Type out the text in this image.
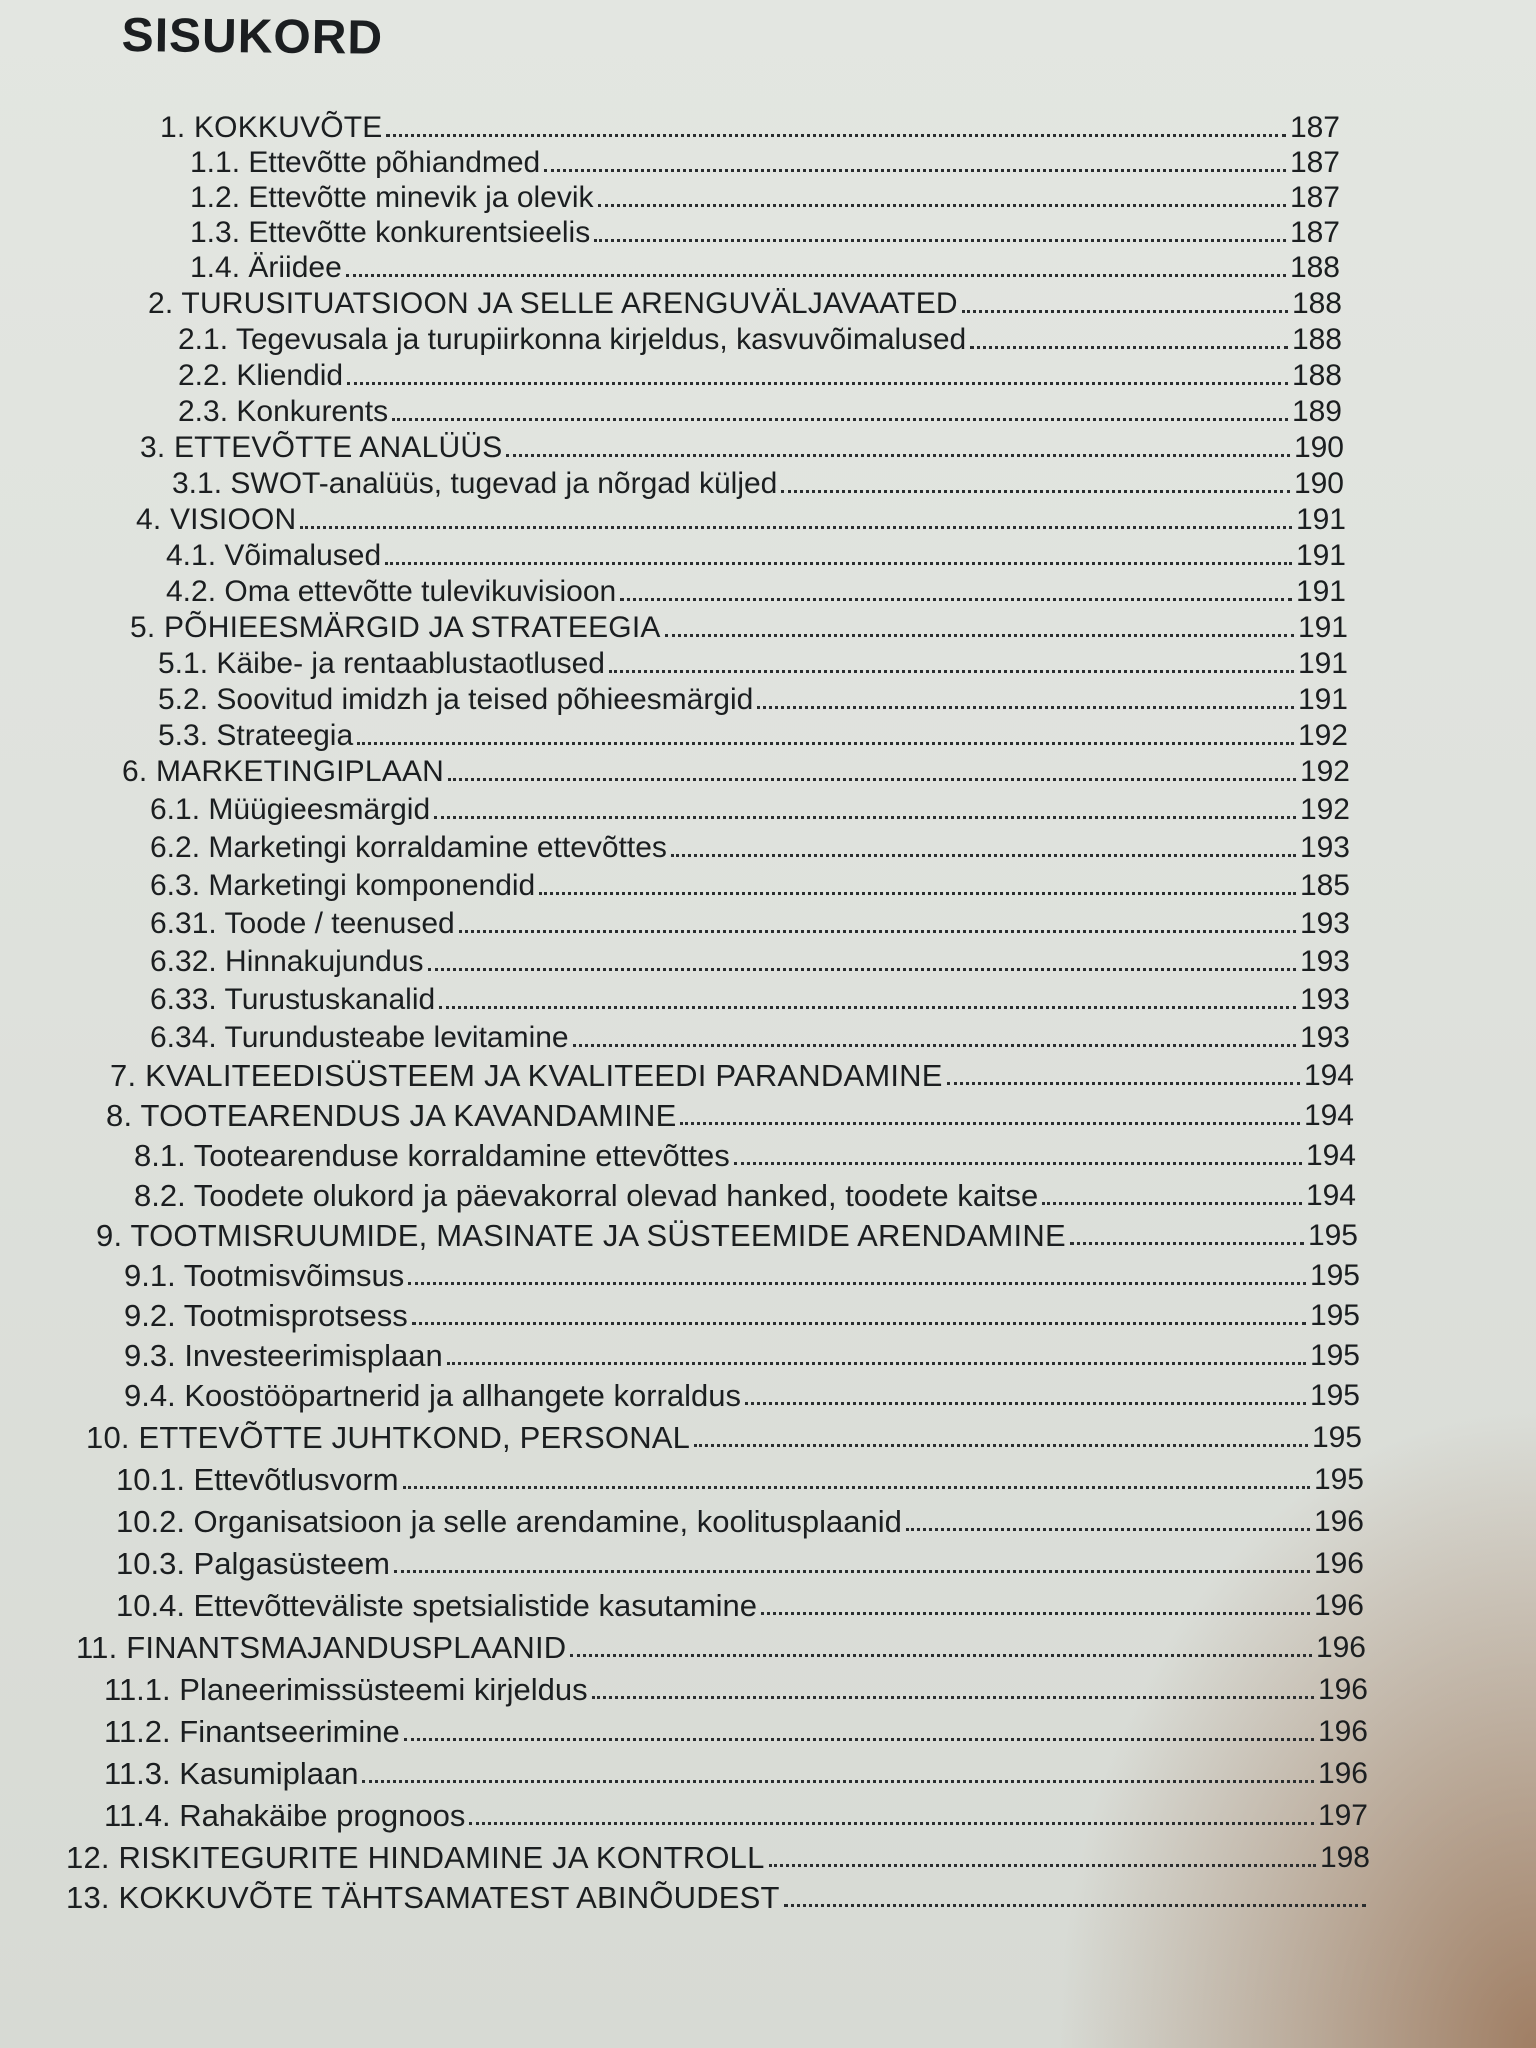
SISUKORD
1. KOKKUVÕTE	187
1.1. Ettevõtte põhiandmed	187
1.2. Ettevõtte minevik ja olevik	187
1.3. Ettevõtte konkurentsieelis	187
1.4. Äriidee	188
2. TURUSITUATSIOON JA SELLE ARENGUVÄLJAVAATED	188
2.1. Tegevusala ja turupiirkonna kirjeldus, kasvuvõimalused	188
2.2. Kliendid	188
2.3. Konkurents	189
3. ETTEVÕTTE ANALÜÜS	190
3.1. SWOT-analüüs, tugevad ja nõrgad küljed	190
4. VISIOON	191
4.1. Võimalused	191
4.2. Oma ettevõtte tulevikuvisioon	191
5. PÕHIEESMÄRGID JA STRATEEGIA	191
5.1. Käibe- ja rentaablustaotlused	191
5.2. Soovitud imidzh ja teised põhieesmärgid	191
5.3. Strateegia	192
6. MARKETINGIPLAAN	192
6.1. Müügieesmärgid	192
6.2. Marketingi korraldamine ettevõttes	193
6.3. Marketingi komponendid	185
6.31. Toode / teenused	193
6.32. Hinnakujundus	193
6.33. Turustuskanalid	193
6.34. Turundusteabe levitamine	193
7. KVALITEEDISÜSTEEM JA KVALITEEDI PARANDAMINE	194
8. TOOTEARENDUS JA KAVANDAMINE	194
8.1. Tootearenduse korraldamine ettevõttes	194
8.2. Toodete olukord ja päevakorral olevad hanked, toodete kaitse	194
9. TOOTMISRUUMIDE, MASINATE JA SÜSTEEMIDE ARENDAMINE	195
9.1. Tootmisvõimsus	195
9.2. Tootmisprotsess	195
9.3. Investeerimisplaan	195
9.4. Koostööpartnerid ja allhangete korraldus	195
10. ETTEVÕTTE JUHTKOND, PERSONAL	195
10.1. Ettevõtlusvorm	195
10.2. Organisatsioon ja selle arendamine, koolitusplaanid	196
10.3. Palgasüsteem	196
10.4. Ettevõtteväliste spetsialistide kasutamine	196
11. FINANTSMAJANDUSPLAANID	196
11.1. Planeerimissüsteemi kirjeldus	196
11.2. Finantseerimine	196
11.3. Kasumiplaan	196
11.4. Rahakäibe prognoos	197
12. RISKITEGURITE HINDAMINE JA KONTROLL	198
13. KOKKUVÕTE TÄHTSAMATEST ABINÕUDEST
